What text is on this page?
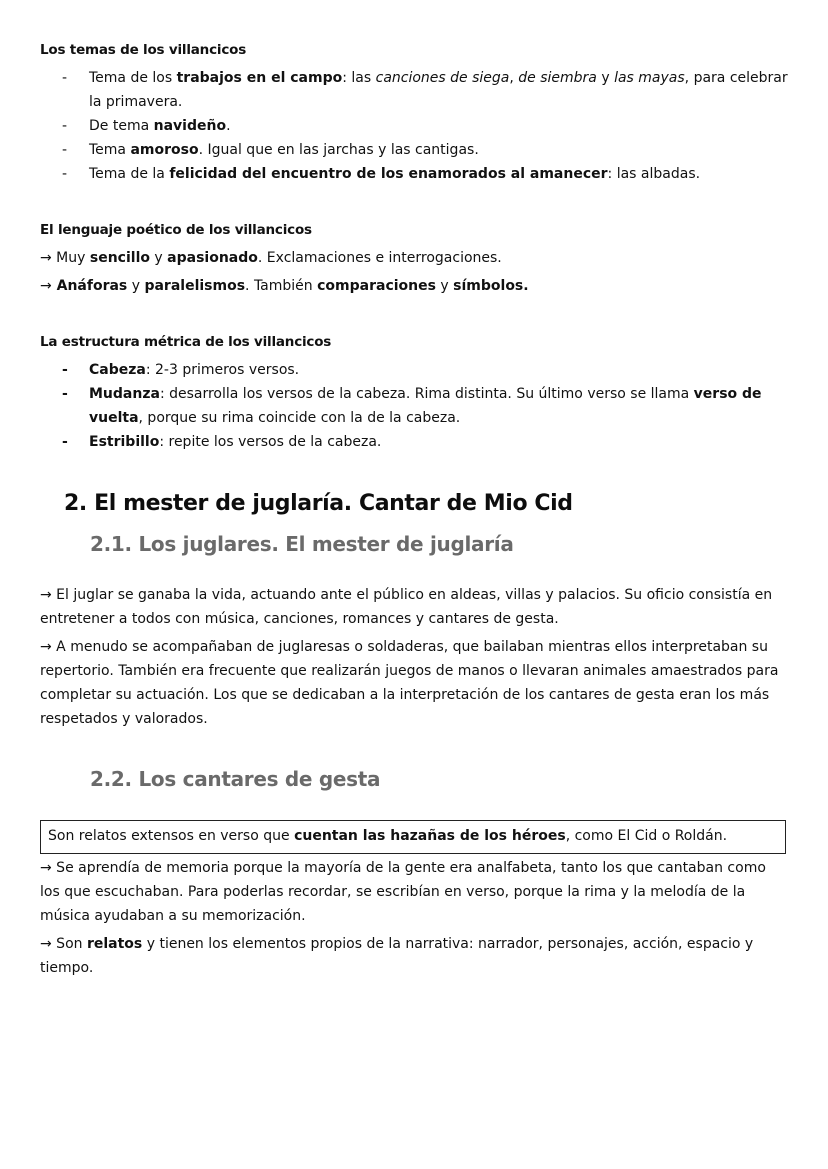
Los temas de los villancicos
- Tema de los trabajos en el campo: las canciones de siega, de siembra y las mayas, para celebrar
la primavera.
- De tema navideño.
- Tema amoroso. Igual que en las jarchas y las cantigas.
- Tema de la felicidad del encuentro de los enamorados al amanecer: las albadas.
El lenguaje poético de los villancicos
→ Muy sencillo y apasionado. Exclamaciones e interrogaciones.
→ Anáforas y paralelismos. También comparaciones y símbolos.
La estructura métrica de los villancicos
- Cabeza: 2-3 primeros versos.
- Mudanza: desarrolla los versos de la cabeza. Rima distinta. Su último verso se llama verso de
vuelta, porque su rima coincide con la de la cabeza.
- Estribillo: repite los versos de la cabeza.
2. El mester de juglaría. Cantar de Mio Cid
2.1. Los juglares. El mester de juglaría
→ El juglar se ganaba la vida, actuando ante el público en aldeas, villas y palacios. Su oficio consistía en
entretener a todos con música, canciones, romances y cantares de gesta.
→ A menudo se acompañaban de juglaresas o soldaderas, que bailaban mientras ellos interpretaban su
repertorio. También era frecuente que realizarán juegos de manos o llevaran animales amaestrados para
completar su actuación. Los que se dedicaban a la interpretación de los cantares de gesta eran los más
respetados y valorados.
2.2. Los cantares de gesta
Son relatos extensos en verso que cuentan las hazañas de los héroes, como El Cid o Roldán.
→ Se aprendía de memoria porque la mayoría de la gente era analfabeta, tanto los que cantaban como
los que escuchaban. Para poderlas recordar, se escribían en verso, porque la rima y la melodía de la
música ayudaban a su memorización.
→ Son relatos y tienen los elementos propios de la narrativa: narrador, personajes, acción, espacio y
tiempo.
